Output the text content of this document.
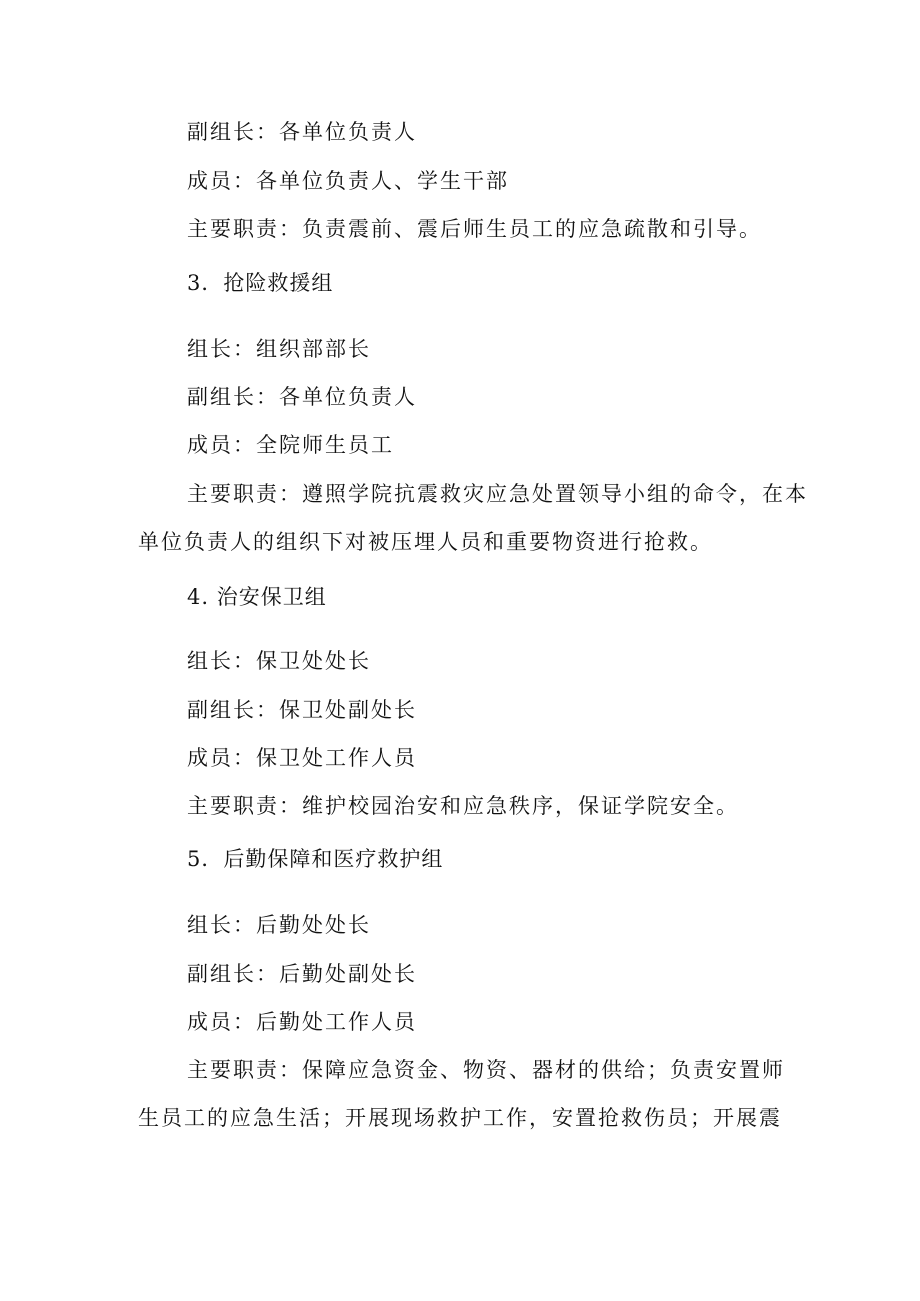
副组长：各单位负责人
成员：各单位负责人、学生干部
主要职责：负责震前、震后师生员工的应急疏散和引导。
3．抢险救援组
组长：组织部部长
副组长：各单位负责人
成员：全院师生员工
主要职责：遵照学院抗震救灾应急处置领导小组的命令，在本
单位负责人的组织下对被压埋人员和重要物资进行抢救。
4. 治安保卫组
组长：保卫处处长
副组长：保卫处副处长
成员：保卫处工作人员
主要职责：维护校园治安和应急秩序，保证学院安全。
5．后勤保障和医疗救护组
组长：后勤处处长
副组长：后勤处副处长
成员：后勤处工作人员
主要职责：保障应急资金、物资、器材的供给；负责安置师
生员工的应急生活；开展现场救护工作，安置抢救伤员；开展震
